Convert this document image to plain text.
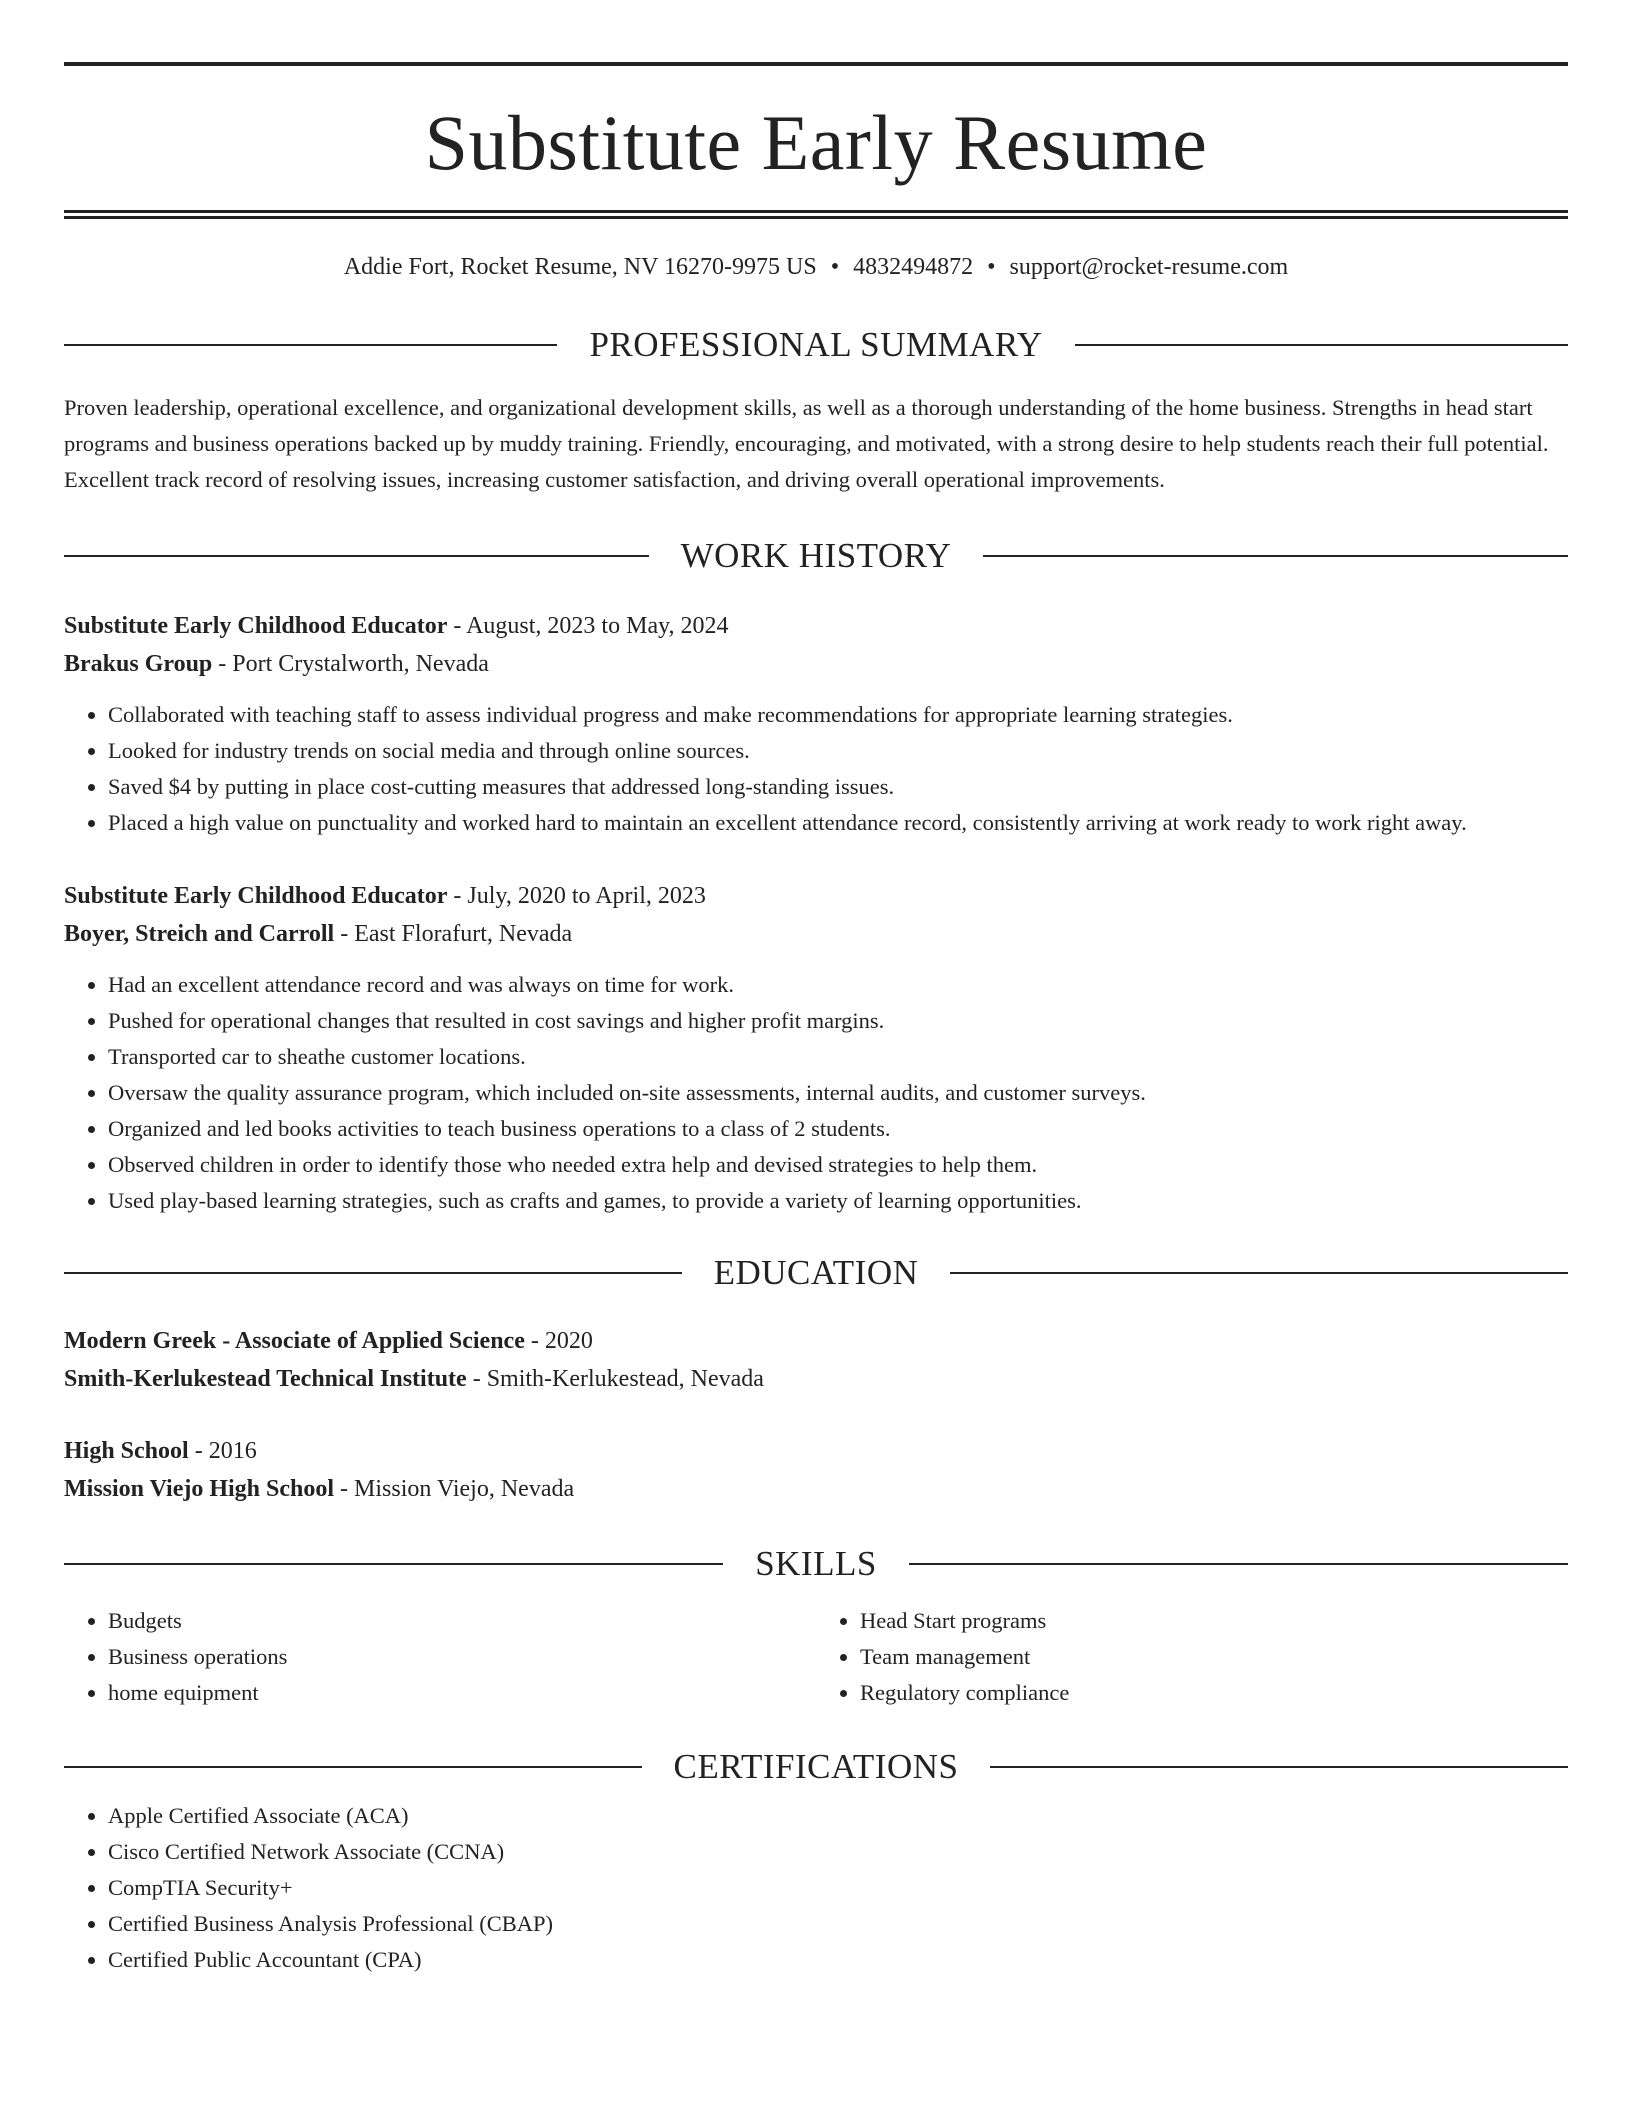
Substitute Early Resume
Addie Fort, Rocket Resume, NV 16270-9975 US • 4832494872 • support@rocket-resume.com
PROFESSIONAL SUMMARY
Proven leadership, operational excellence, and organizational development skills, as well as a thorough understanding of the home business. Strengths in head start programs and business operations backed up by muddy training. Friendly, encouraging, and motivated, with a strong desire to help students reach their full potential. Excellent track record of resolving issues, increasing customer satisfaction, and driving overall operational improvements.
WORK HISTORY
Substitute Early Childhood Educator - August, 2023 to May, 2024
Brakus Group - Port Crystalworth, Nevada
• Collaborated with teaching staff to assess individual progress and make recommendations for appropriate learning strategies.
• Looked for industry trends on social media and through online sources.
• Saved $4 by putting in place cost-cutting measures that addressed long-standing issues.
• Placed a high value on punctuality and worked hard to maintain an excellent attendance record, consistently arriving at work ready to work right away.
Substitute Early Childhood Educator - July, 2020 to April, 2023
Boyer, Streich and Carroll - East Florafurt, Nevada
• Had an excellent attendance record and was always on time for work.
• Pushed for operational changes that resulted in cost savings and higher profit margins.
• Transported car to sheathe customer locations.
• Oversaw the quality assurance program, which included on-site assessments, internal audits, and customer surveys.
• Organized and led books activities to teach business operations to a class of 2 students.
• Observed children in order to identify those who needed extra help and devised strategies to help them.
• Used play-based learning strategies, such as crafts and games, to provide a variety of learning opportunities.
EDUCATION
Modern Greek - Associate of Applied Science - 2020
Smith-Kerlukestead Technical Institute - Smith-Kerlukestead, Nevada
High School - 2016
Mission Viejo High School - Mission Viejo, Nevada
SKILLS
• Budgets
• Business operations
• home equipment
• Head Start programs
• Team management
• Regulatory compliance
CERTIFICATIONS
• Apple Certified Associate (ACA)
• Cisco Certified Network Associate (CCNA)
• CompTIA Security+
• Certified Business Analysis Professional (CBAP)
• Certified Public Accountant (CPA)
